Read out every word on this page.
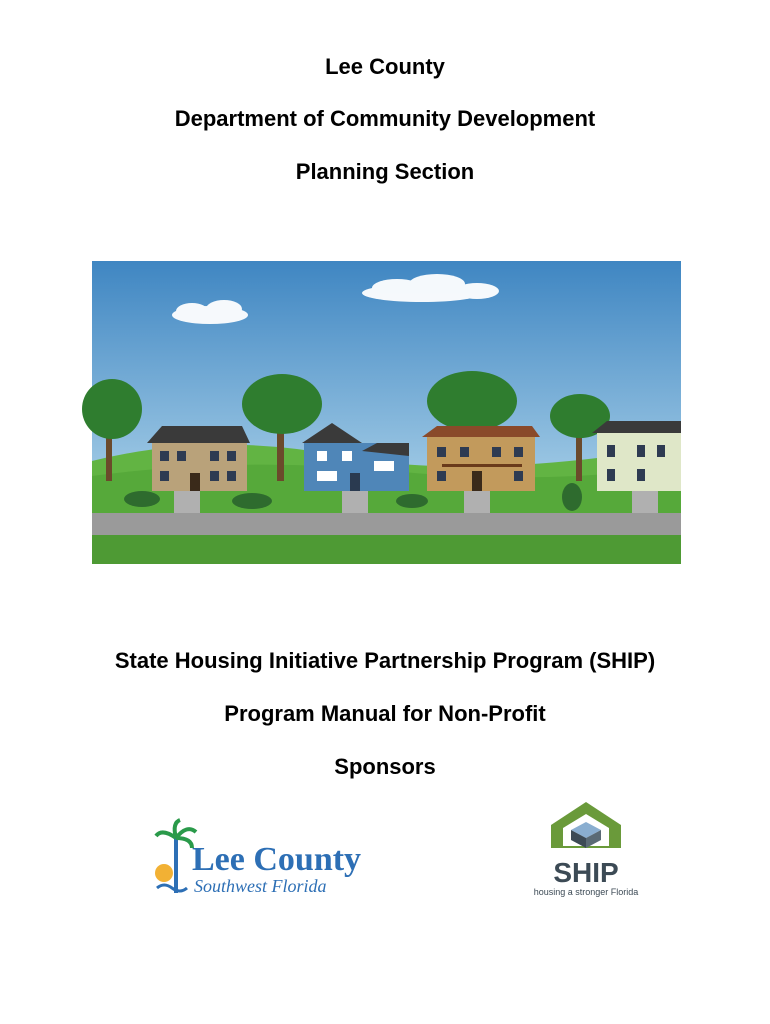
Lee County

Department of Community Development

Planning Section

State Housing Initiative Partnership Program (SHIP)

Program Manual for Non-Profit

Sponsors

Lee County
Southwest Florida	SHIP
housing a stronger Florida
